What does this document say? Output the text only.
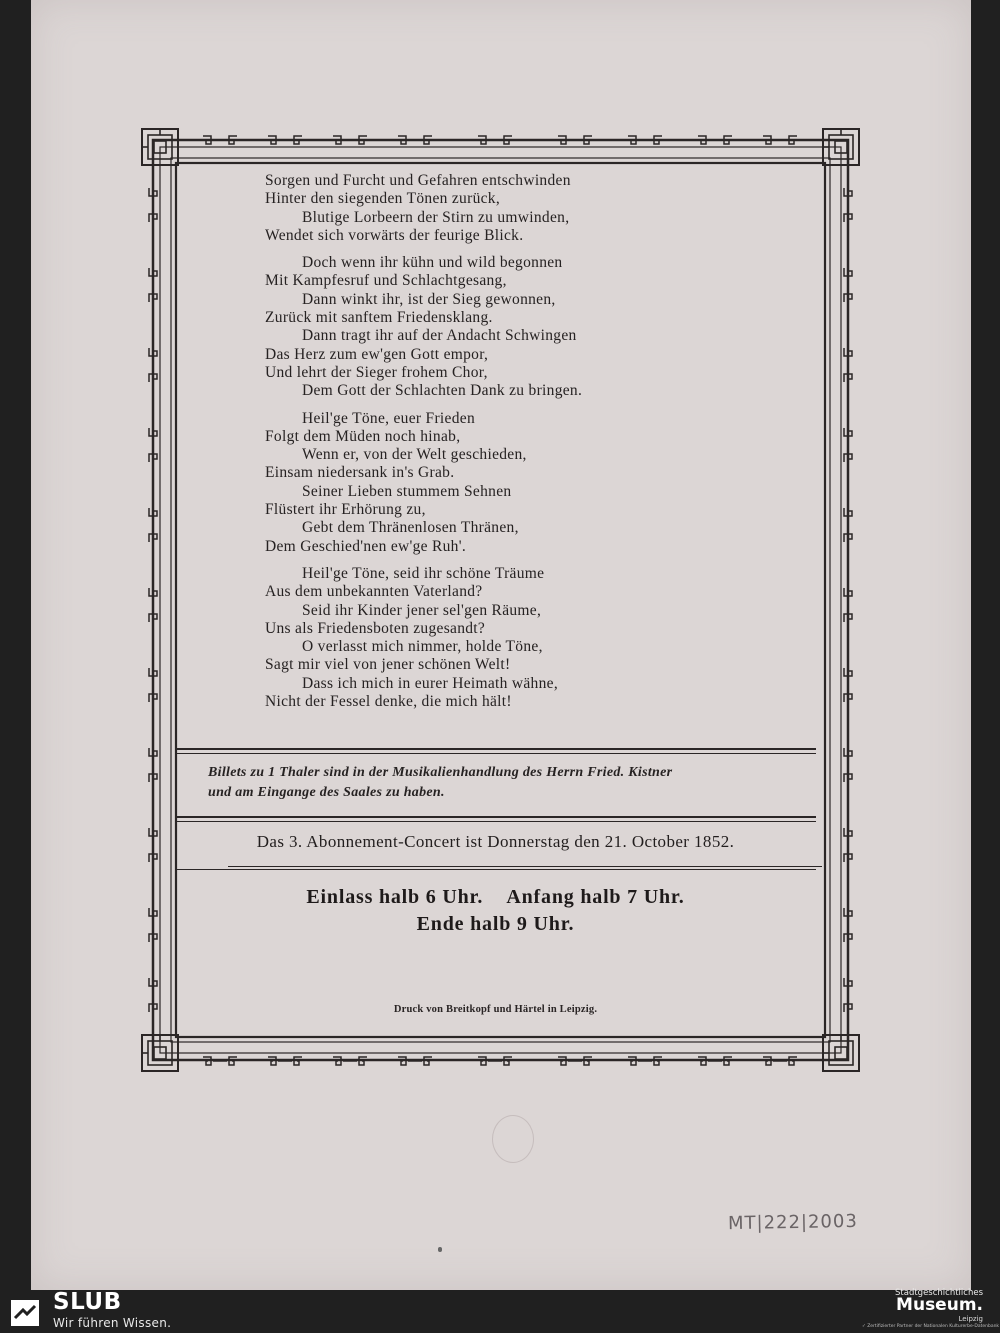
Sorgen und Furcht und Gefahren entschwinden
Hinter den siegenden Tönen zurück,
Blutige Lorbeern der Stirn zu umwinden,
Wendet sich vorwärts der feurige Blick.
Doch wenn ihr kühn und wild begonnen
Mit Kampfesruf und Schlachtgesang,
Dann winkt ihr, ist der Sieg gewonnen,
Zurück mit sanftem Friedensklang.
Dann tragt ihr auf der Andacht Schwingen
Das Herz zum ew'gen Gott empor,
Und lehrt der Sieger frohem Chor,
Dem Gott der Schlachten Dank zu bringen.
Heil'ge Töne, euer Frieden
Folgt dem Müden noch hinab,
Wenn er, von der Welt geschieden,
Einsam niedersank in's Grab.
Seiner Lieben stummem Sehnen
Flüstert ihr Erhörung zu,
Gebt dem Thränenlosen Thränen,
Dem Geschied'nen ew'ge Ruh'.
Heil'ge Töne, seid ihr schöne Träume
Aus dem unbekannten Vaterland?
Seid ihr Kinder jener sel'gen Räume,
Uns als Friedensboten zugesandt?
O verlasst mich nimmer, holde Töne,
Sagt mir viel von jener schönen Welt!
Dass ich mich in eurer Heimath wähne,
Nicht der Fessel denke, die mich hält!
Billets zu 1 Thaler sind in der Musikalienhandlung des Herrn Fried. Kistner
und am Eingange des Saales zu haben.
Das 3. Abonnement-Concert ist Donnerstag den 21. October 1852.
Einlass halb 6 Uhr. Anfang halb 7 Uhr.
Ende halb 9 Uhr.
Druck von Breitkopf und Härtel in Leipzig.
MT|222|2003
SLUB
Wir führen Wissen.
Stadtgeschichtliches
Museum.
Leipzig
✓ Zertifizierter Partner der Nationalen Kulturerbe-Datenbank
